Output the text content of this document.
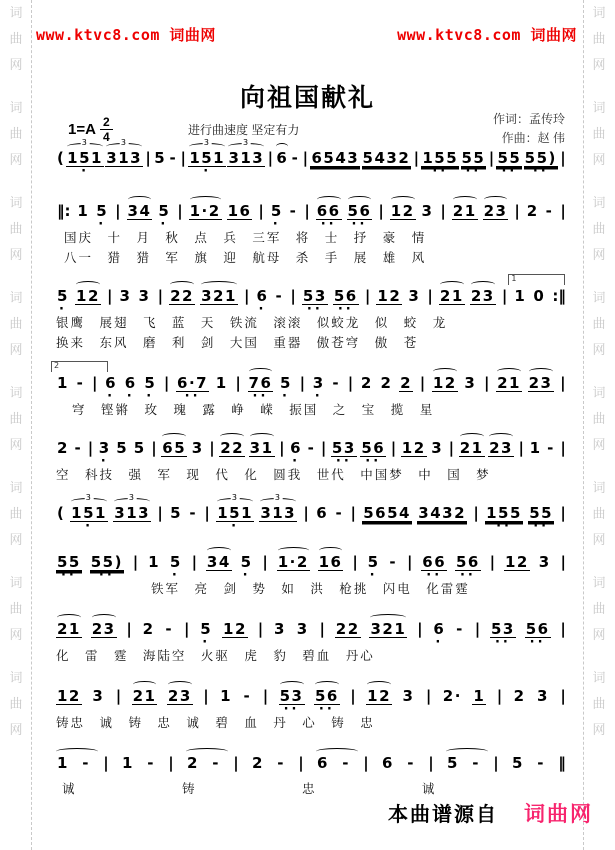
词
曲
网
词
曲
网
词
曲
网
词
曲
网
词
曲
网
词
曲
网
词
曲
网
词
曲
网
词
曲
网
词
曲
网
词
曲
网
词
曲
网
词
曲
网
词
曲
网
词
曲
网
词
曲
网
www.ktvc8.com 词曲网	www.ktvc8.com 词曲网
向祖国献礼
$1=A \frac{2}{4}$	进行曲速度 坚定有力
作词：孟传玲
作曲：赵 伟
(
3
151
·
3
313 | 5 - |
3
151
·
3
313 | 6 - | 6543 5432 | 155
··
55
··
| 55
··
55)
··
|
‖: 1 5
·
| 34 5
·
| 1·2 16 | 5
·
- | 66
··
56
··
| 12 3 | 21 23 | 2 - |
国庆 十 月 秋 点 兵 三军 将 士 抒 豪 情
八一 猎 猎 军 旗 迎 航母 杀 手 展 雄 风
5
·
12 | 3 3 | 22 321 | 6
·
- | 53
··
56
··
| 12 3 | 21 23 |
1
1 0 :‖
银鹰 展翅 飞 蓝 天 铁流 滚滚 似蛟龙 似 蛟 龙
换来 东风 磨 利 剑 大国 重器 傲苍穹 傲 苍
2
1 - | 6
·
6
·
5
·
| 6·7
··
1 | 76
··
5
·
| 3
·
- | 2 2 2 | 12 3 | 21 23 |
穹 铿锵 玫 瑰 露 峥 嵘 振国 之 宝 揽 星
2 - | 3
·
5 5 | 65 3 | 22 31 | 6
·
- | 53
··
56
··
| 12 3 | 21 23 | 1 - |
空 科技 强 军 现 代 化 圆我 世代 中国梦 中 国 梦
(
3
151
·
3
313 | 5 - |
3
151
·
3
313 | 6 - | 5654 3432 | 155
··
55
··
|
55
··
55)
··
| 1 5
·
| 34 5
·
| 1·2 16 | 5
·
- | 66
··
56
··
| 12 3 |
铁军 亮 剑 势 如 洪 枪挑 闪电 化雷霆
21 23 | 2 - | 5
·
12 | 3 3 | 22 321 | 6
·
- | 53
··
56
··
|
化 雷 霆 海陆空 火驱 虎 豹 碧血 丹心
12 3 | 21 23 | 1 - | 53
··
56
··
| 12 3 | 2· 1 | 2 3 |
铸忠 诚 铸 忠 诚 碧 血 丹 心 铸 忠
1 - | 1 - | 2 - | 2 - | 6 - | 6 - | 5 - | 5 - ‖
诚 铸 忠 诚
本曲谱源自 词曲网
